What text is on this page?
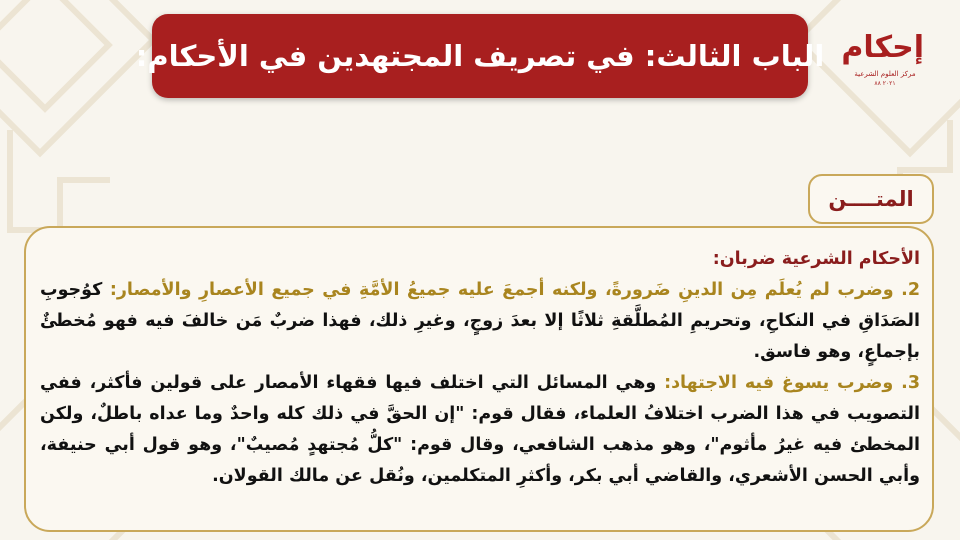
الباب الثالث: في تصريف المجتهدين في الأحكام: إحكام
مركز العلوم الشرعية
۸۸ ۲۰۲۱
المتــــن

الأحكام الشرعية ضربان:

2. وضرب لم يُعلَم مِن الدينِ ضَرورةً، ولكنه أجمعَ عليه جميعُ الأمَّةِ في جميع الأعصارِ والأمصار: كوُجوبِ الصَدَاقِ في النكاحِ، وتحريمِ المُطلَّقةِ ثلاثًا إلا بعدَ زوجٍ، وغيرِ ذلك، فهذا ضربٌ مَن خالفَ فيه فهو مُخطئٌ بإجماعٍ، وهو فاسق.

3. وضرب يسوغ فيه الاجتهاد: وهي المسائل التي اختلف فيها فقهاء الأمصار على قولين فأكثر، ففي التصويب في هذا الضرب اختلافُ العلماء، فقال قوم: "إن الحقَّ في ذلك كله واحدٌ وما عداه باطلٌ، ولكن المخطئ فيه غيرُ مأثوم"، وهو مذهب الشافعي، وقال قوم: "كلُّ مُجتهدٍ مُصيبٌ"، وهو قول أبي حنيفة، وأبي الحسن الأشعري، والقاضي أبي بكر، وأكثرِ المتكلمين، ونُقل عن مالك القولان.
